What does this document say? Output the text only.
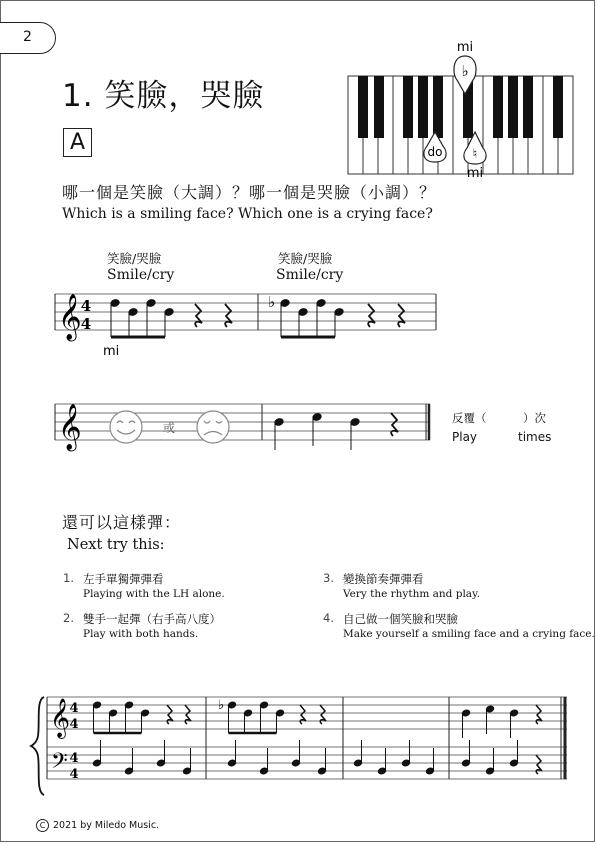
2
1. 笑臉，哭臉
A
mi
♭
do ♮
mi
哪一個是笑臉（大調）？哪一個是哭臉（小調）？
Which is a smiling face? Which one is a crying face?
笑臉/哭臉
Smile/cry
笑臉/哭臉
Smile/cry
𝄞 4
4
mi
♭
𝄞	或
反覆（	）次
Play	times
還可以這樣彈：
Next try this:
1. 左手單獨彈彈看
Playing with the LH alone.
2. 雙手一起彈（右手高八度）
Play with both hands.
3. 變換節奏彈彈看
Very the rhythm and play.
4. 自己做一個笑臉和哭臉
Make yourself a smiling face and a crying face.
𝄞
𝄢
4
4
4
4
♭
C 2021 by Miledo Music.
